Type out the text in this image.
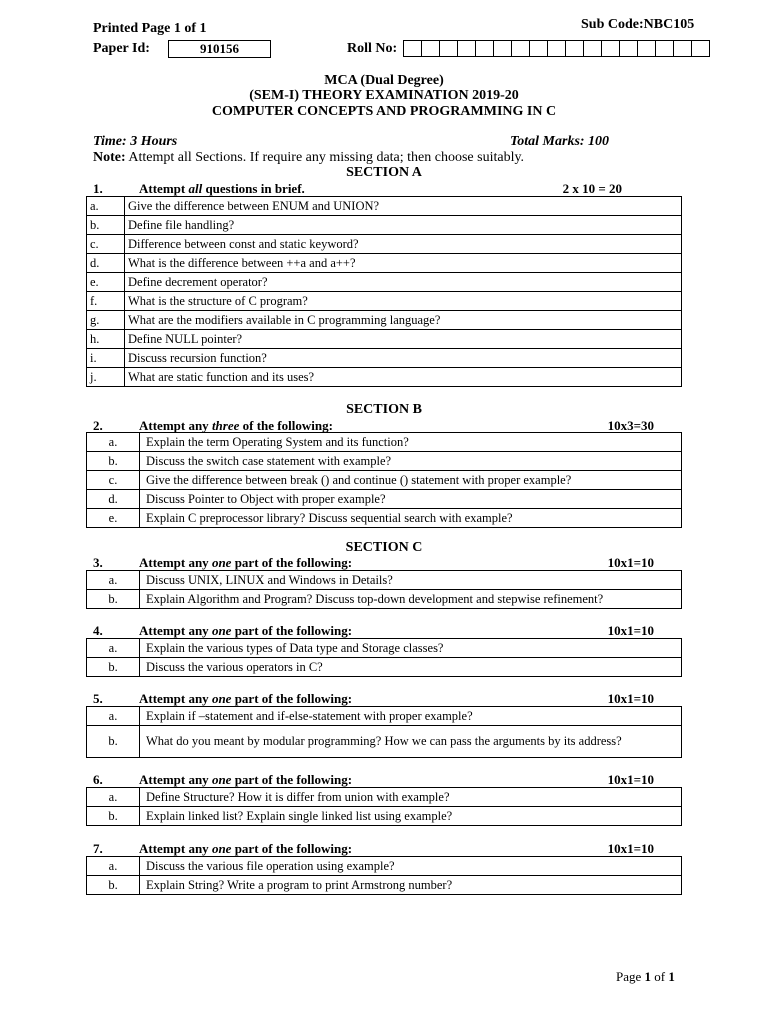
Printed Page 1 of 1	Sub Code:NBC105
Paper Id:	910156	Roll No:
MCA (Dual Degree)
(SEM-I) THEORY EXAMINATION 2019-20
COMPUTER CONCEPTS AND PROGRAMMING IN C
Time: 3 Hours	Total Marks: 100
Note: Attempt all Sections. If require any missing data; then choose suitably.
SECTION A
1.	Attempt all questions in brief.	2 x 10 = 20
a.	Give the difference between ENUM and UNION?
b.	Define file handling?
c.	Difference between const and static keyword?
d.	What is the difference between ++a and a++?
e.	Define decrement operator?
f.	What is the structure of C program?
g.	What are the modifiers available in C programming language?
h.	Define NULL pointer?
i.	Discuss recursion function?
j.	What are static function and its uses?
SECTION B
2.	Attempt any three of the following:	10x3=30
a.	Explain the term Operating System and its function?
b.	Discuss the switch case statement with example?
c.	Give the difference between break () and continue () statement with proper example?
d.	Discuss Pointer to Object with proper example?
e.	Explain C preprocessor library? Discuss sequential search with example?
SECTION C
3.	Attempt any one part of the following:	10x1=10
a.	Discuss UNIX, LINUX and Windows in Details?
b.	Explain Algorithm and Program? Discuss top-down development and stepwise refinement?
4.	Attempt any one part of the following:	10x1=10
a.	Explain the various types of Data type and Storage classes?
b.	Discuss the various operators in C?
5.	Attempt any one part of the following:	10x1=10
a.	Explain if –statement and if-else-statement with proper example?
b.	What do you meant by modular programming? How we can pass the arguments by its address?
6.	Attempt any one part of the following:	10x1=10
a.	Define Structure? How it is differ from union with example?
b.	Explain linked list? Explain single linked list using example?
7.	Attempt any one part of the following:	10x1=10
a.	Discuss the various file operation using example?
b.	Explain String? Write a program to print Armstrong number?
Page 1 of 1
